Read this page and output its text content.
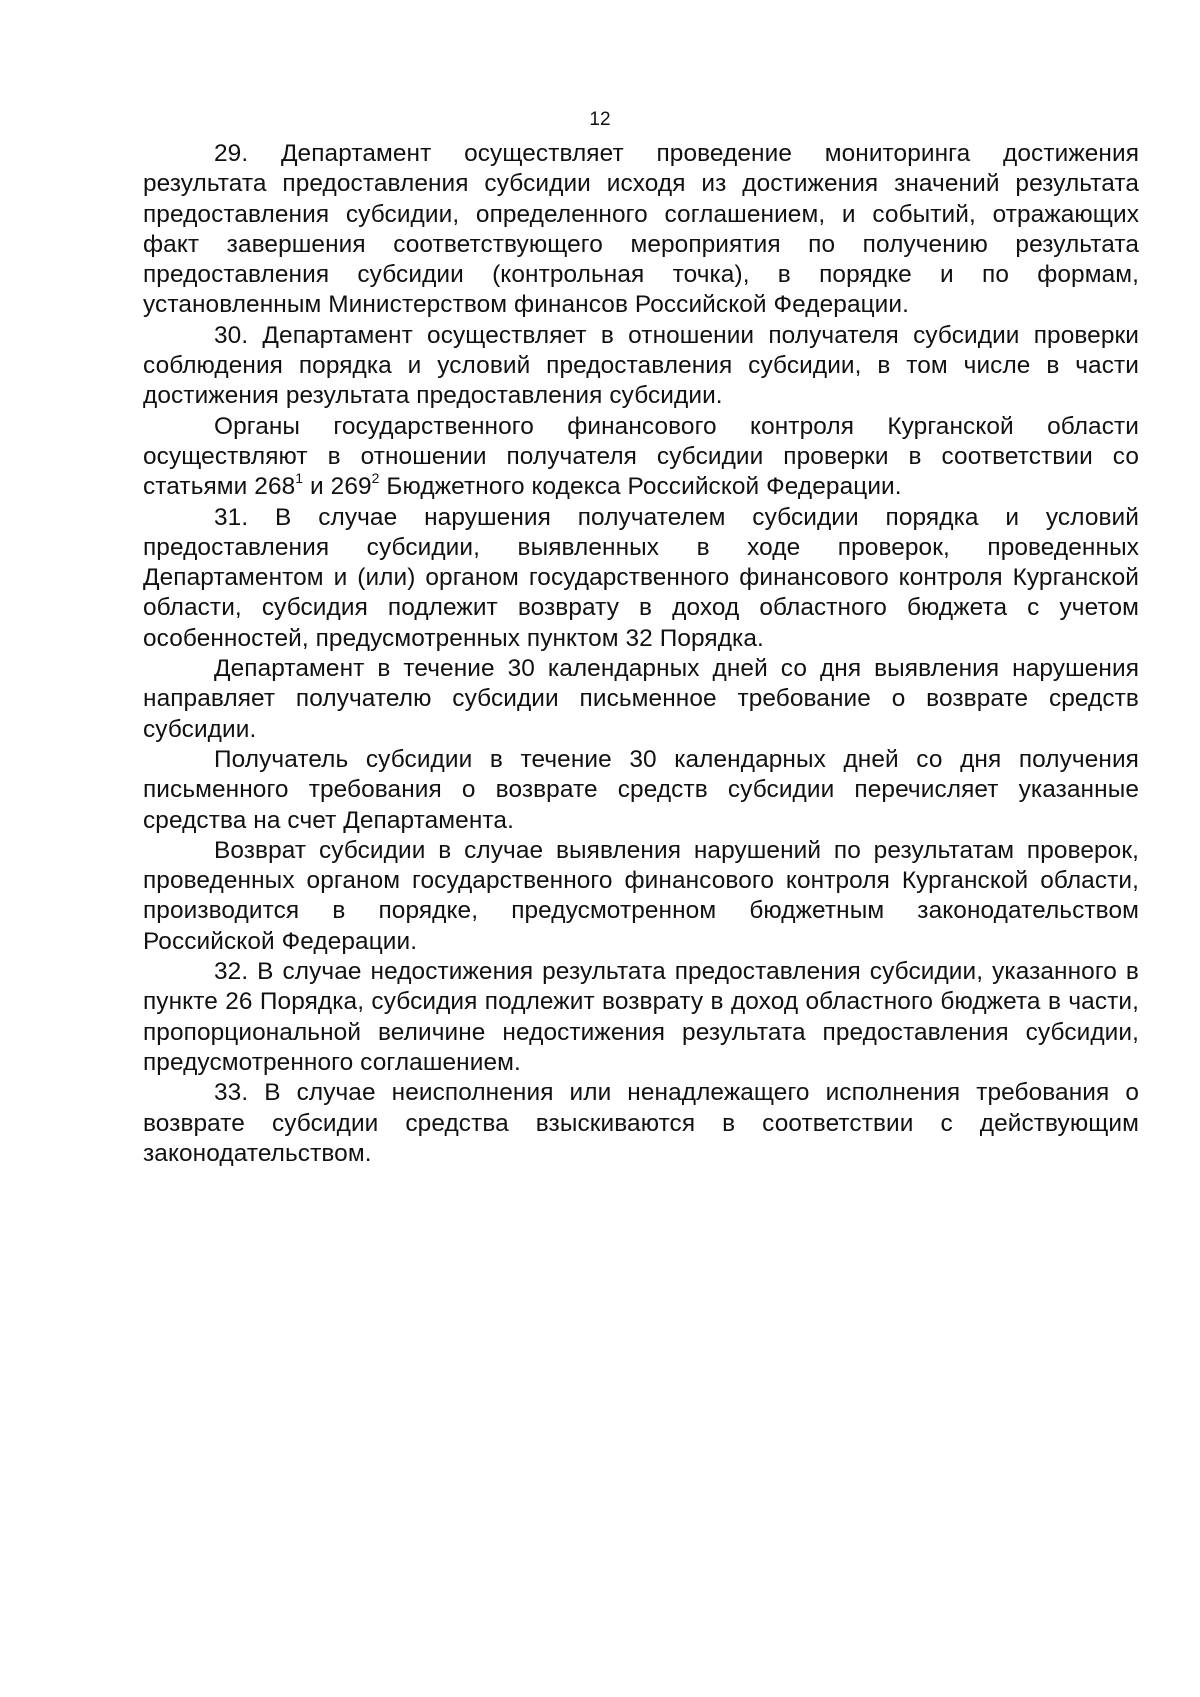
12

29. Департамент осуществляет проведение мониторинга достижения результата предоставления субсидии исходя из достижения значений результата предоставления субсидии, определенного соглашением, и событий, отражающих факт завершения соответствующего мероприятия по получению результата предоставления субсидии (контрольная точка), в порядке и по формам, установленным Министерством финансов Российской Федерации.

30. Департамент осуществляет в отношении получателя субсидии проверки соблюдения порядка и условий предоставления субсидии, в том числе в части достижения результата предоставления субсидии.

Органы государственного финансового контроля Курганской области осуществляют в отношении получателя субсидии проверки в соответствии со статьями $268^1$ и $269^2$ Бюджетного кодекса Российской Федерации.

31. В случае нарушения получателем субсидии порядка и условий предоставления субсидии, выявленных в ходе проверок, проведенных Департаментом и (или) органом государственного финансового контроля Курганской области, субсидия подлежит возврату в доход областного бюджета с учетом особенностей, предусмотренных пунктом 32 Порядка.

Департамент в течение 30 календарных дней со дня выявления нарушения направляет получателю субсидии письменное требование о возврате средств субсидии.

Получатель субсидии в течение 30 календарных дней со дня получения письменного требования о возврате средств субсидии перечисляет указанные средства на счет Департамента.

Возврат субсидии в случае выявления нарушений по результатам проверок, проведенных органом государственного финансового контроля Курганской области, производится в порядке, предусмотренном бюджетным законодательством Российской Федерации.

32. В случае недостижения результата предоставления субсидии, указанного в пункте 26 Порядка, субсидия подлежит возврату в доход областного бюджета в части, пропорциональной величине недостижения результата предоставления субсидии, предусмотренного соглашением.

33. В случае неисполнения или ненадлежащего исполнения требования о возврате субсидии средства взыскиваются в соответствии с действующим законодательством.
